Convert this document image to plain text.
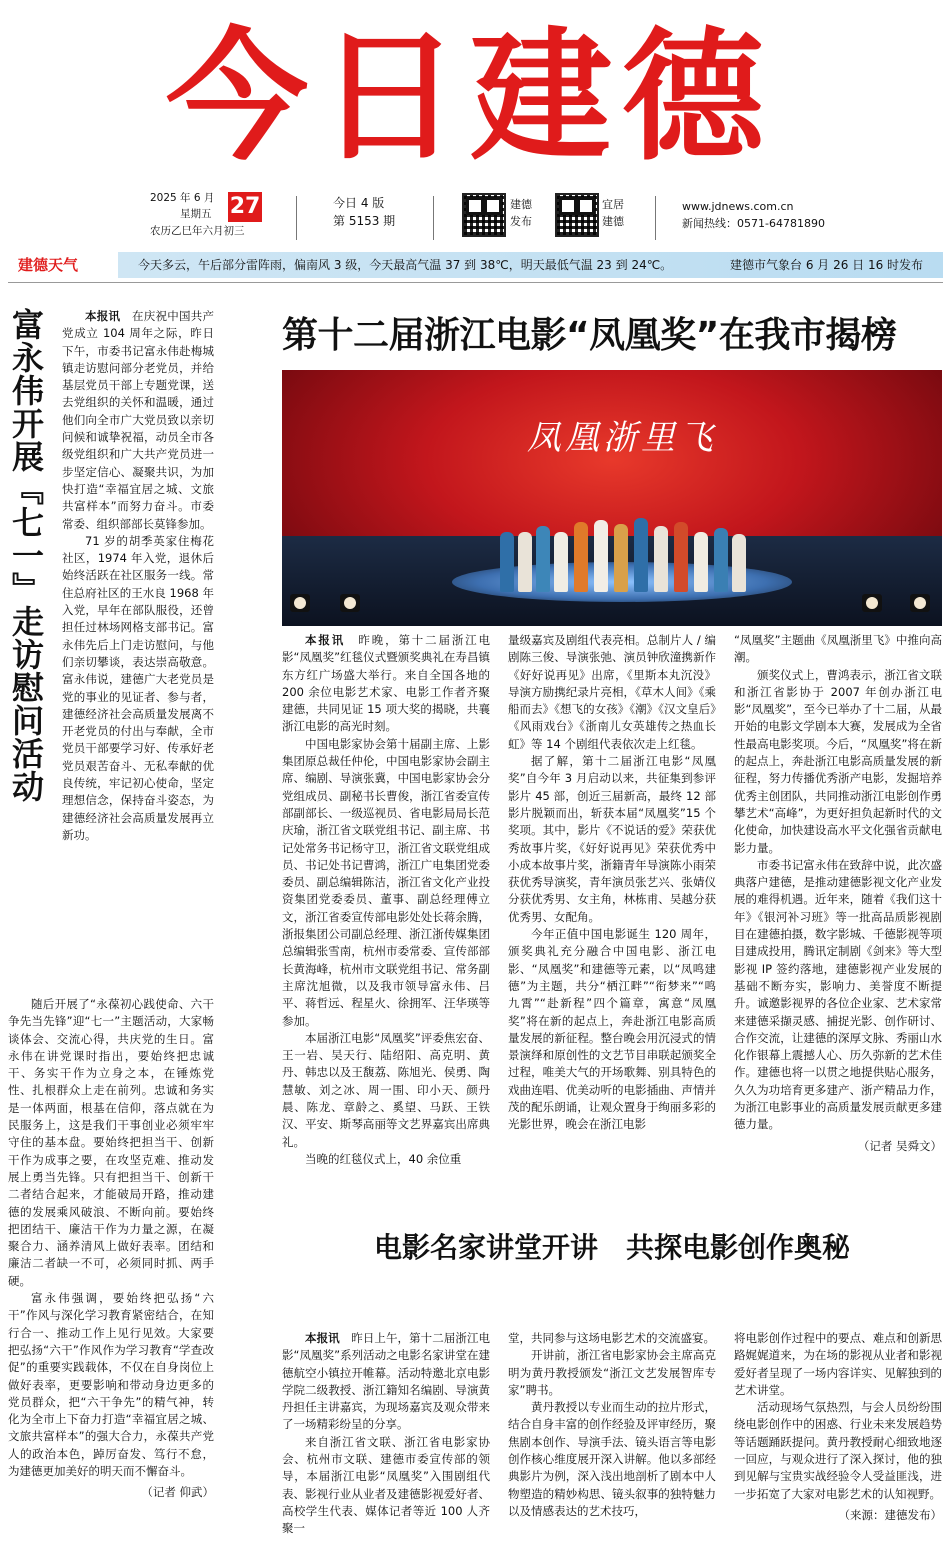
今日建德
2025 年 6 月
星期五
农历乙巳年六月初三
27	今日 4 版
第 5153 期
建德 发布
宜居 建德
www.jdnews.com.cn
新闻热线：0571-64781890
建德天气	今天多云，午后部分雷阵雨，偏南风 3 级，今天最高气温 37 到 38℃，明天最低气温 23 到 24℃。	建德市气象台 6 月 26 日 16 时发布
富永伟开展『七一』走访慰问活动	本报讯　 在庆祝中国共产党成立 104 周年之际，昨日下午，市委书记富永伟赴梅城镇走访慰问部分老党员，并给基层党员干部上专题党课，送去党组织的关怀和温暖，通过他们向全市广大党员致以亲切问候和诚挚祝福，动员全市各级党组织和广大共产党员进一步坚定信心、凝聚共识，为加快打造“幸福宜居之城、文旅共富样本”而努力奋斗。市委常委、组织部部长莫锋参加。

71 岁的胡季英家住梅花社区，1974 年入党，退休后始终活跃在社区服务一线。常住总府社区的王水良 1968 年入党，早年在部队服役，还曾担任过林场网格支部书记。富永伟先后上门走访慰问，与他们亲切攀谈，表达崇高敬意。富永伟说，建德广大老党员是党的事业的见证者、参与者，建德经济社会高质量发展离不开老党员的付出与奉献，全市党员干部要学习好、传承好老党员艰苦奋斗、无私奉献的优良传统，牢记初心使命，坚定理想信念，保持奋斗姿态，为建德经济社会高质量发展再立新功。

随后开展了“永葆初心践使命、六干争先当先锋”迎“七一”主题活动，大家畅谈体会、交流心得，共庆党的生日。富永伟在讲党课时指出，要始终把忠诚干、务实干作为立身之本，在锤炼党性、扎根群众上走在前列。忠诚和务实是一体两面，根基在信仰，落点就在为民服务上，这是我们干事创业必须牢牢守住的基本盘。要始终把担当干、创新干作为成事之要，在攻坚克难、推动发展上勇当先锋。只有把担当干、创新干二者结合起来，才能破局开路，推动建德的发展乘风破浪、不断向前。要始终把团结干、廉洁干作为力量之源，在凝聚合力、涵养清风上做好表率。团结和廉洁二者缺一不可，必须同时抓、两手硬。

富永伟强调，要始终把弘扬“六干”作风与深化学习教育紧密结合，在知行合一、推动工作上见行见效。大家要把弘扬“六干”作风作为学习教育“学查改促”的重要实践载体，不仅在自身岗位上做好表率，更要影响和带动身边更多的党员群众，把“六干争先”的精气神，转化为全市上下奋力打造“幸福宜居之城、文旅共富样本”的强大合力，永葆共产党人的政治本色，踔厉奋发、笃行不怠，为建德更加美好的明天而不懈奋斗。

（记者 仰武）

第十二届浙江电影“凤凰奖”在我市揭榜
凤凰浙里飞

本报讯　 昨晚，第十二届浙江电影“凤凰奖”红毯仪式暨颁奖典礼在寿昌镇东方红广场盛大举行。来自全国各地的 200 余位电影艺术家、电影工作者齐聚建德，共同见证 15 项大奖的揭晓，共襄浙江电影的高光时刻。

中国电影家协会第十届副主席、上影集团原总裁任仲伦，中国电影家协会副主席、编剧、导演张冀，中国电影家协会分党组成员、副秘书长曹俊，浙江省委宣传部副部长、一级巡视员、省电影局局长范庆瑜，浙江省文联党组书记、副主席、书记处常务书记杨守卫，浙江省文联党组成员、书记处书记曹鸿，浙江广电集团党委委员、副总编辑陈洁，浙江省文化产业投资集团党委委员、董事、副总经理傅立文，浙江省委宣传部电影处处长蒋余腾，浙报集团公司副总经理、浙江浙传媒集团总编辑张雪南，杭州市委常委、宣传部部长黄海峰，杭州市文联党组书记、常务副主席沈旭微，以及我市领导富永伟、吕平、蒋哲远、程星火、徐拥军、汪华瑛等参加。

本届浙江电影“凤凰奖”评委焦宏奋、王一岩、吴天行、陆绍阳、高克明、黄丹、韩忠以及王馥荔、陈旭光、侯勇、陶慧敏、刘之冰、周一围、印小天、颜丹晨、陈龙、章龄之、奚望、马跃、王铁汉、平安、斯琴高丽等文艺界嘉宾出席典礼。

当晚的红毯仪式上，40 余位重

量级嘉宾及剧组代表亮相。总制片人 / 编剧陈三俊、导演张弛、演员钟欣潼携新作《好好说再见》出席，《里斯本丸沉没》导演方励携纪录片亮相，《草木人间》《乘船而去》《想飞的女孩》《潮》《汉文皇后》《风雨戏台》《浙南儿女英雄传之热血长虹》等 14 个剧组代表依次走上红毯。

据了解，第十二届浙江电影“凤凰奖”自今年 3 月启动以来，共征集到参评影片 45 部，创近三届新高，最终 12 部影片脱颖而出，斩获本届“凤凰奖”15 个奖项。其中，影片《不说话的爱》荣获优秀故事片奖，《好好说再见》荣获优秀中小成本故事片奖，浙籍青年导演陈小雨荣获优秀导演奖，青年演员张艺兴、张婧仪分获优秀男、女主角，林栋甫、吴越分获优秀男、女配角。

今年正值中国电影诞生 120 周年，颁奖典礼充分融合中国电影、浙江电影、“凤凰奖”和建德等元素，以“凤鸣建德”为主题，共分“栖江畔”“衔梦来”“鸣九霄”“赴新程”四个篇章，寓意“凤凰奖”将在新的起点上，奔赴浙江电影高质量发展的新征程。整台晚会用沉浸式的情景演绎和原创性的文艺节目串联起颁奖全过程，唯美大气的开场歌舞、别具特色的戏曲连唱、优美动听的电影插曲、声情并茂的配乐朗诵，让观众置身于绚丽多彩的光影世界，晚会在浙江电影

“凤凰奖”主题曲《凤凰浙里飞》中推向高潮。

颁奖仪式上，曹鸿表示，浙江省文联和浙江省影协于 2007 年创办浙江电影“凤凰奖”，至今已举办了十二届，从最开始的电影文学剧本大赛，发展成为全省性最高电影奖项。今后，“凤凰奖”将在新的起点上，奔赴浙江电影高质量发展的新征程，努力传播优秀浙产电影，发掘培养优秀主创团队，共同推动浙江电影创作勇攀艺术“高峰”，为更好担负起新时代的文化使命，加快建设高水平文化强省贡献电影力量。

市委书记富永伟在致辞中说，此次盛典落户建德，是推动建德影视文化产业发展的难得机遇。近年来，随着《我们这十年》《银河补习班》等一批高品质影视剧目在建德拍摄，数字影城、千德影视等项目建成投用，腾讯定制剧《剑来》等大型影视 IP 签约落地，建德影视产业发展的基础不断夯实，影响力、美誉度不断提升。诚邀影视界的各位企业家、艺术家常来建德采撷灵感、捕捉光影、创作研讨、合作交流，让建德的深厚文脉、秀丽山水化作银幕上震撼人心、历久弥新的艺术佳作。建德也将一以贯之地提供贴心服务，久久为功培育更多建产、浙产精品力作，为浙江电影事业的高质量发展贡献更多建德力量。

（记者 吴舜文）

电影名家讲堂开讲　共探电影创作奥秘

本报讯　 昨日上午，第十二届浙江电影“凤凰奖”系列活动之电影名家讲堂在建德航空小镇拉开帷幕。活动特邀北京电影学院二级教授、浙江籍知名编剧、导演黄丹担任主讲嘉宾，为现场嘉宾及观众带来了一场精彩纷呈的分享。

来自浙江省文联、浙江省电影家协会、杭州市文联、建德市委宣传部的领导，本届浙江电影“凤凰奖”入围剧组代表、影视行业从业者及建德影视爱好者、高校学生代表、媒体记者等近 100 人齐聚一

堂，共同参与这场电影艺术的交流盛宴。

开讲前，浙江省电影家协会主席高克明为黄丹教授颁发“浙江文艺发展智库专家”聘书。

黄丹教授以专业而生动的拉片形式，结合自身丰富的创作经验及评审经历，聚焦剧本创作、导演手法、镜头语言等电影创作核心维度展开深入讲解。他以多部经典影片为例，深入浅出地剖析了剧本中人物塑造的精妙构思、镜头叙事的独特魅力以及情感表达的艺术技巧，

将电影创作过程中的要点、难点和创新思路娓娓道来，为在场的影视从业者和影视爱好者呈现了一场内容详实、见解独到的艺术讲堂。

活动现场气氛热烈，与会人员纷纷围绕电影创作中的困惑、行业未来发展趋势等话题踊跃提问。黄丹教授耐心细致地逐一回应，与观众进行了深入探讨，他的独到见解与宝贵实战经验令人受益匪浅，进一步拓宽了大家对电影艺术的认知视野。

（来源：建德发布）
